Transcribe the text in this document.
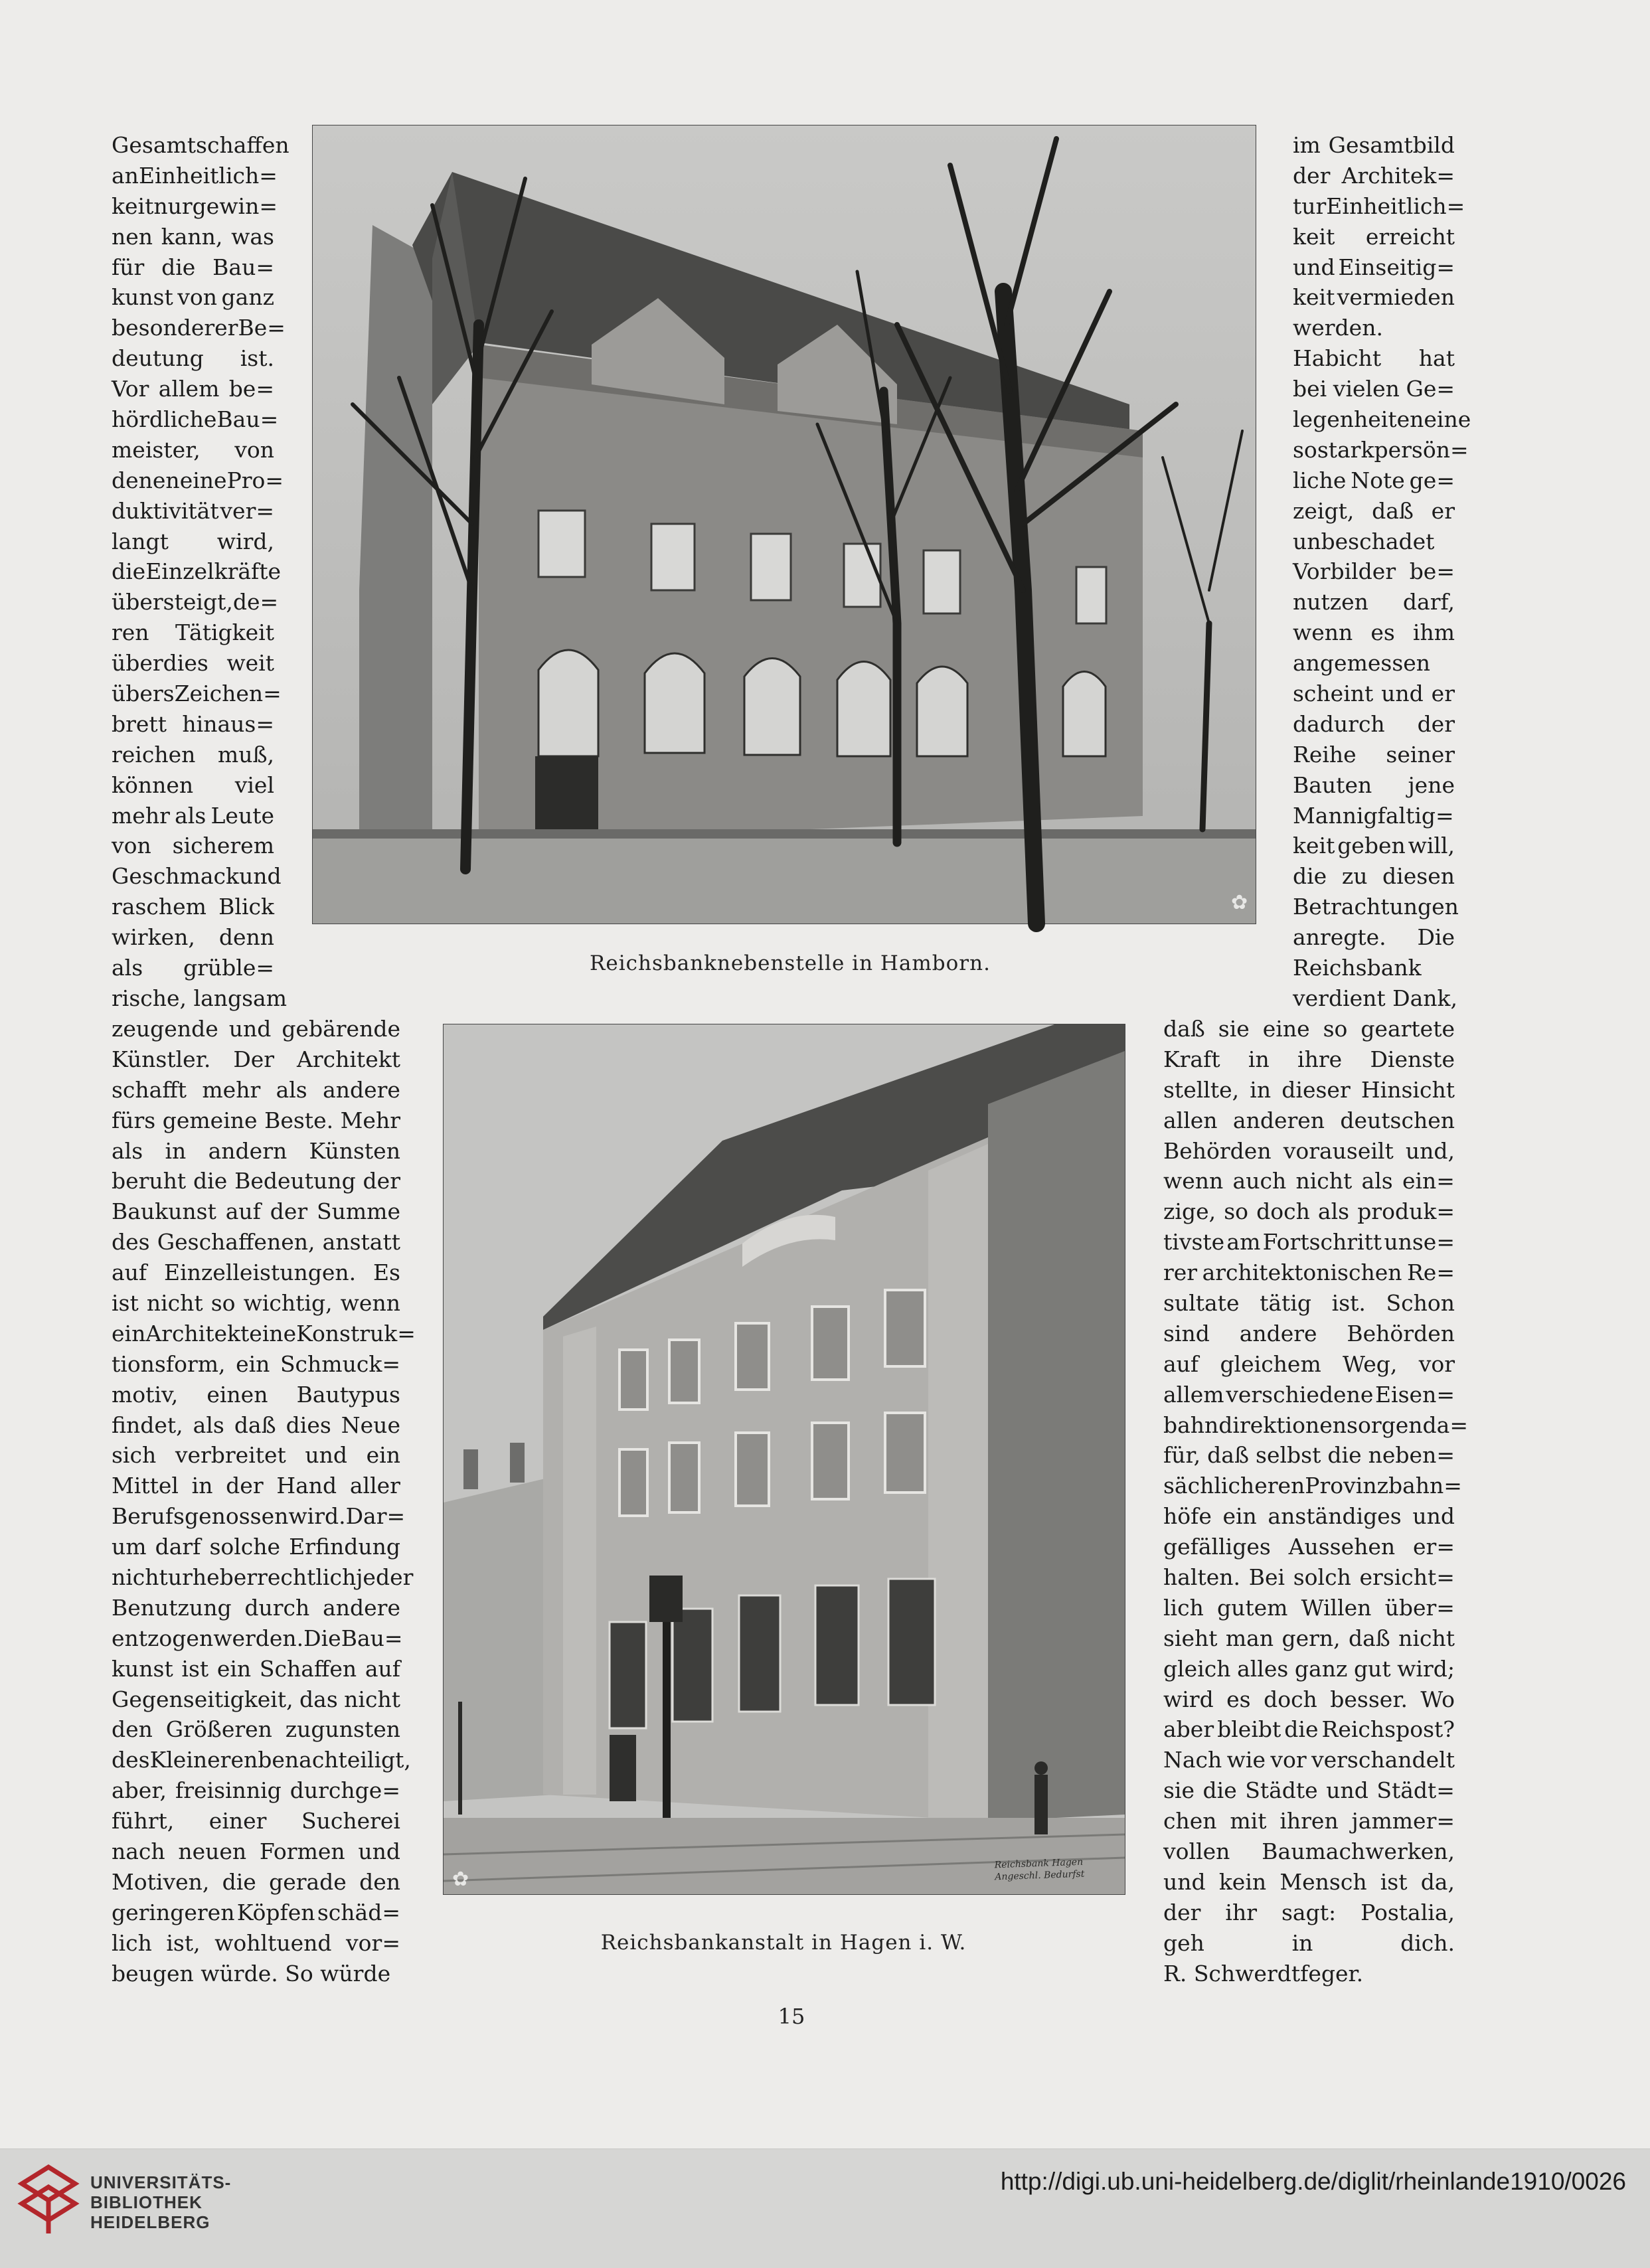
Gesamtschaffen
an Einheitlich=
keit nur gewin=
nen kann, was
für die Bau=
kunst von ganz
besonderer Be=
deutung ist.
Vor allem be=
hördliche Bau=
meister, von
denen eine Pro=
duktivität ver=
langt wird,
die Einzelkräfte
übersteigt, de=
ren Tätigkeit
überdies weit
übers Zeichen=
brett hinaus=
reichen muß,
können viel
mehr als Leute
von sicherem
Geschmack und
raschem Blick
wirken, denn
als grüble=
rische, langsam
zeugende und gebärende
Künstler. Der Architekt
schafft mehr als andere
fürs gemeine Beste. Mehr
als in andern Künsten
beruht die Bedeutung der
Baukunst auf der Summe
des Geschaffenen, anstatt
auf Einzelleistungen. Es
ist nicht so wichtig, wenn
ein Architekt eine Konstruk=
tionsform, ein Schmuck=
motiv, einen Bautypus
findet, als daß dies Neue
sich verbreitet und ein
Mittel in der Hand aller
Berufsgenossen wird. Dar=
um darf solche Erfindung
nicht urheberrechtlich jeder
Benutzung durch andere
entzogen werden. Die Bau=
kunst ist ein Schaffen auf
Gegenseitigkeit, das nicht
den Größeren zugunsten
des Kleineren benachteiligt,
aber, freisinnig durchge=
führt, einer Sucherei
nach neuen Formen und
Motiven, die gerade den
geringeren Köpfen schäd=
lich ist, wohltuend vor=
beugen würde. So würde
im Gesamtbild
der Architek=
tur Einheitlich=
keit erreicht
und Einseitig=
keit vermieden
werden.
Habicht hat
bei vielen Ge=
legenheiten eine
so stark persön=
liche Note ge=
zeigt, daß er
unbeschadet
Vorbilder be=
nutzen darf,
wenn es ihm
angemessen
scheint und er
dadurch der
Reihe seiner
Bauten jene
Mannigfaltig=
keit geben will,
die zu diesen
Betrachtungen
anregte. Die
Reichsbank
verdient Dank,
daß sie eine so geartete
Kraft in ihre Dienste
stellte, in dieser Hinsicht
allen anderen deutschen
Behörden vorauseilt und,
wenn auch nicht als ein=
zige, so doch als produk=
tivste am Fortschritt unse=
rer architektonischen Re=
sultate tätig ist. Schon
sind andere Behörden
auf gleichem Weg, vor
allem verschiedene Eisen=
bahndirektionen sorgen da=
für, daß selbst die neben=
sächlicheren Provinzbahn=
höfe ein anständiges und
gefälliges Aussehen er=
halten. Bei solch ersicht=
lich gutem Willen über=
sieht man gern, daß nicht
gleich alles ganz gut wird;
wird es doch besser. Wo
aber bleibt die Reichspost?
Nach wie vor verschandelt
sie die Städte und Städt=
chen mit ihren jammer=
vollen Baumachwerken,
und kein Mensch ist da,
der ihr sagt: Postalia,
geh	in	dich.
R. Schwerdtfeger.
✿
Reichsbanknebenstelle in Hamborn.
✿
Reichsbank Hagen
Angeschl. Bedurfst
Reichsbankanstalt in Hagen i. W.
15
UNIVERSITÄTS-
BIBLIOTHEK
HEIDELBERG
http://digi.ub.uni-heidelberg.de/diglit/rheinlande1910/0026
